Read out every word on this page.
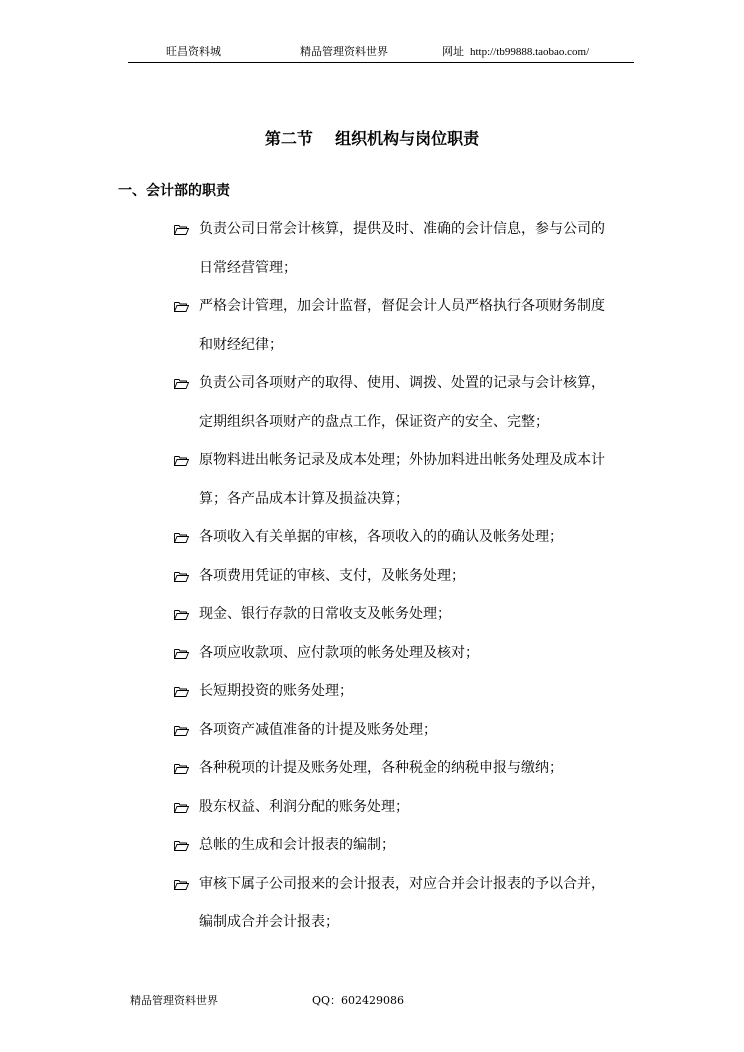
旺昌资料城	精品管理资料世界	网址 http://tb99888.taobao.com/
第二节    组织机构与岗位职责
一、会计部的职责
负责公司日常会计核算，提供及时、准确的会计信息，参与公司的
日常经营管理；
严格会计管理，加会计监督，督促会计人员严格执行各项财务制度
和财经纪律；
负责公司各项财产的取得、使用、调拨、处置的记录与会计核算，
定期组织各项财产的盘点工作，保证资产的安全、完整；
原物料进出帐务记录及成本处理；外协加料进出帐务处理及成本计
算；各产品成本计算及损益决算；
各项收入有关单据的审核，各项收入的的确认及帐务处理；
各项费用凭证的审核、支付，及帐务处理；
现金、银行存款的日常收支及帐务处理；
各项应收款项、应付款项的帐务处理及核对；
长短期投资的账务处理；
各项资产减值准备的计提及账务处理；
各种税项的计提及账务处理，各种税金的纳税申报与缴纳；
股东权益、利润分配的账务处理；
总帐的生成和会计报表的编制；
审核下属子公司报来的会计报表，对应合并会计报表的予以合并，
编制成合并会计报表；
精品管理资料世界	QQ：602429086
